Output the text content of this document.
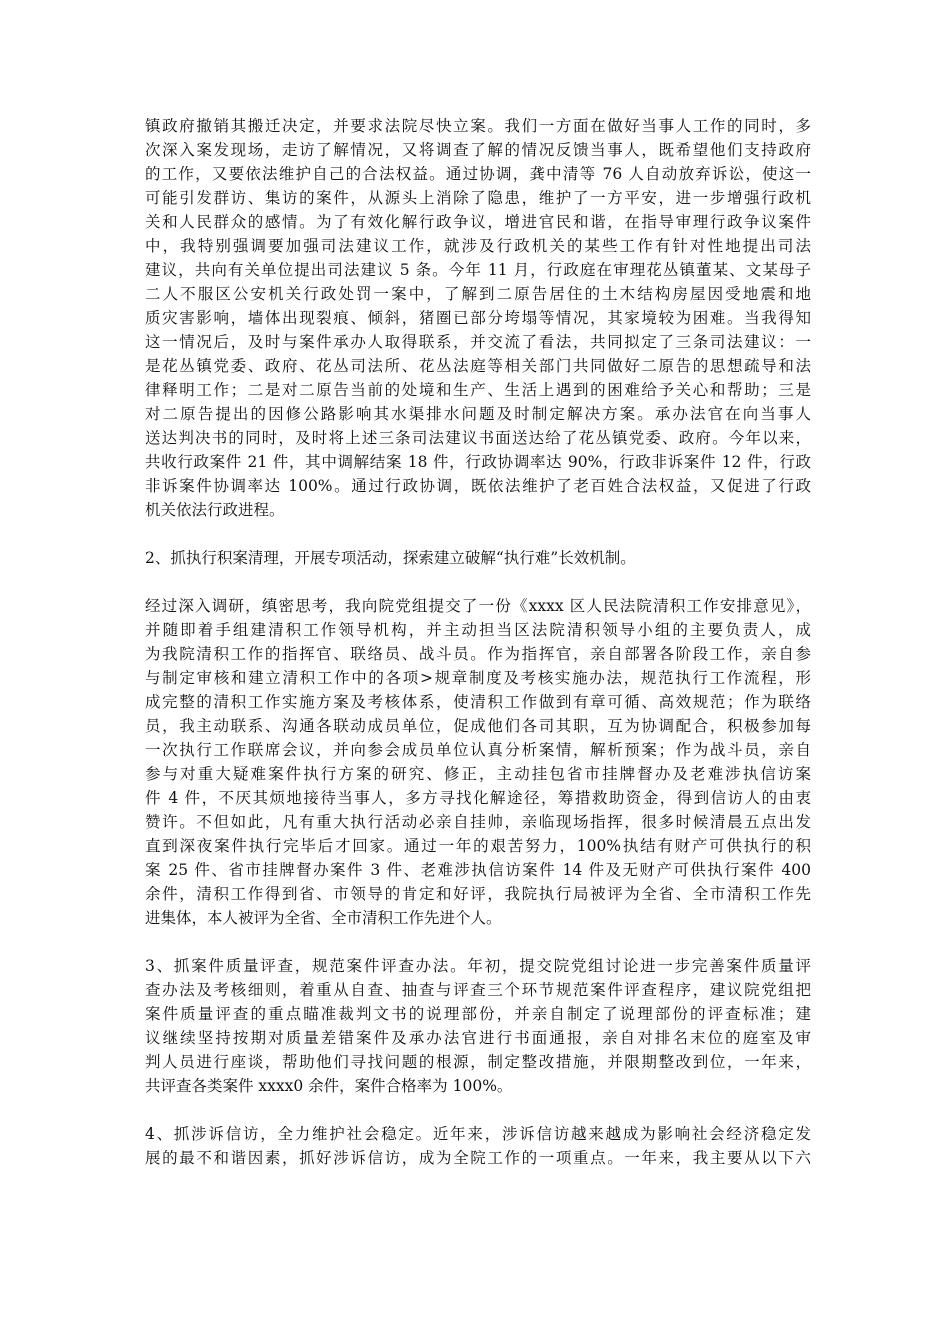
镇政府撤销其搬迁决定，并要求法院尽快立案。我们一方面在做好当事人工作的同时，多
次深入案发现场，走访了解情况，又将调查了解的情况反馈当事人，既希望他们支持政府
的工作，又要依法维护自己的合法权益。通过协调，龚中清等 76 人自动放弃诉讼，使这一
可能引发群访、集访的案件，从源头上消除了隐患，维护了一方平安，进一步增强行政机
关和人民群众的感情。为了有效化解行政争议，增进官民和谐，在指导审理行政争议案件
中，我特别强调要加强司法建议工作，就涉及行政机关的某些工作有针对性地提出司法
建议，共向有关单位提出司法建议 5 条。今年 11 月，行政庭在审理花丛镇董某、文某母子
二人不服区公安机关行政处罚一案中，了解到二原告居住的土木结构房屋因受地震和地
质灾害影响，墙体出现裂痕、倾斜，猪圈已部分垮塌等情况，其家境较为困难。当我得知
这一情况后，及时与案件承办人取得联系，并交流了看法，共同拟定了三条司法建议：一
是花丛镇党委、政府、花丛司法所、花丛法庭等相关部门共同做好二原告的思想疏导和法
律释明工作；二是对二原告当前的处境和生产、生活上遇到的困难给予关心和帮助；三是
对二原告提出的因修公路影响其水渠排水问题及时制定解决方案。承办法官在向当事人
送达判决书的同时，及时将上述三条司法建议书面送达给了花丛镇党委、政府。今年以来，
共收行政案件 21 件，其中调解结案 18 件，行政协调率达 90%，行政非诉案件 12 件，行政
非诉案件协调率达 100%。通过行政协调，既依法维护了老百姓合法权益，又促进了行政
机关依法行政进程。
2、抓执行积案清理，开展专项活动，探索建立破解“执行难”长效机制。
经过深入调研，缜密思考，我向院党组提交了一份《xxxx 区人民法院清积工作安排意见》，
并随即着手组建清积工作领导机构，并主动担当区法院清积领导小组的主要负责人，成
为我院清积工作的指挥官、联络员、战斗员。作为指挥官，亲自部署各阶段工作，亲自参
与制定审核和建立清积工作中的各项>规章制度及考核实施办法，规范执行工作流程，形
成完整的清积工作实施方案及考核体系，使清积工作做到有章可循、高效规范；作为联络
员，我主动联系、沟通各联动成员单位，促成他们各司其职，互为协调配合，积极参加每
一次执行工作联席会议，并向参会成员单位认真分析案情，解析预案；作为战斗员，亲自
参与对重大疑难案件执行方案的研究、修正，主动挂包省市挂牌督办及老难涉执信访案
件 4 件，不厌其烦地接待当事人，多方寻找化解途径，筹措救助资金，得到信访人的由衷
赞许。不但如此，凡有重大执行活动必亲自挂帅，亲临现场指挥，很多时候清晨五点出发
直到深夜案件执行完毕后才回家。通过一年的艰苦努力，100%执结有财产可供执行的积
案 25 件、省市挂牌督办案件 3 件、老难涉执信访案件 14 件及无财产可供执行案件 400
余件，清积工作得到省、市领导的肯定和好评，我院执行局被评为全省、全市清积工作先
进集体，本人被评为全省、全市清积工作先进个人。
3、抓案件质量评查，规范案件评查办法。年初，提交院党组讨论进一步完善案件质量评
查办法及考核细则，着重从自查、抽查与评查三个环节规范案件评查程序，建议院党组把
案件质量评查的重点瞄准裁判文书的说理部份，并亲自制定了说理部份的评查标准；建
议继续坚持按期对质量差错案件及承办法官进行书面通报，亲自对排名末位的庭室及审
判人员进行座谈，帮助他们寻找问题的根源，制定整改措施，并限期整改到位，一年来，
共评查各类案件 xxxx0 余件，案件合格率为 100%。
4、抓涉诉信访，全力维护社会稳定。近年来，涉诉信访越来越成为影响社会经济稳定发
展的最不和谐因素，抓好涉诉信访，成为全院工作的一项重点。一年来，我主要从以下六
